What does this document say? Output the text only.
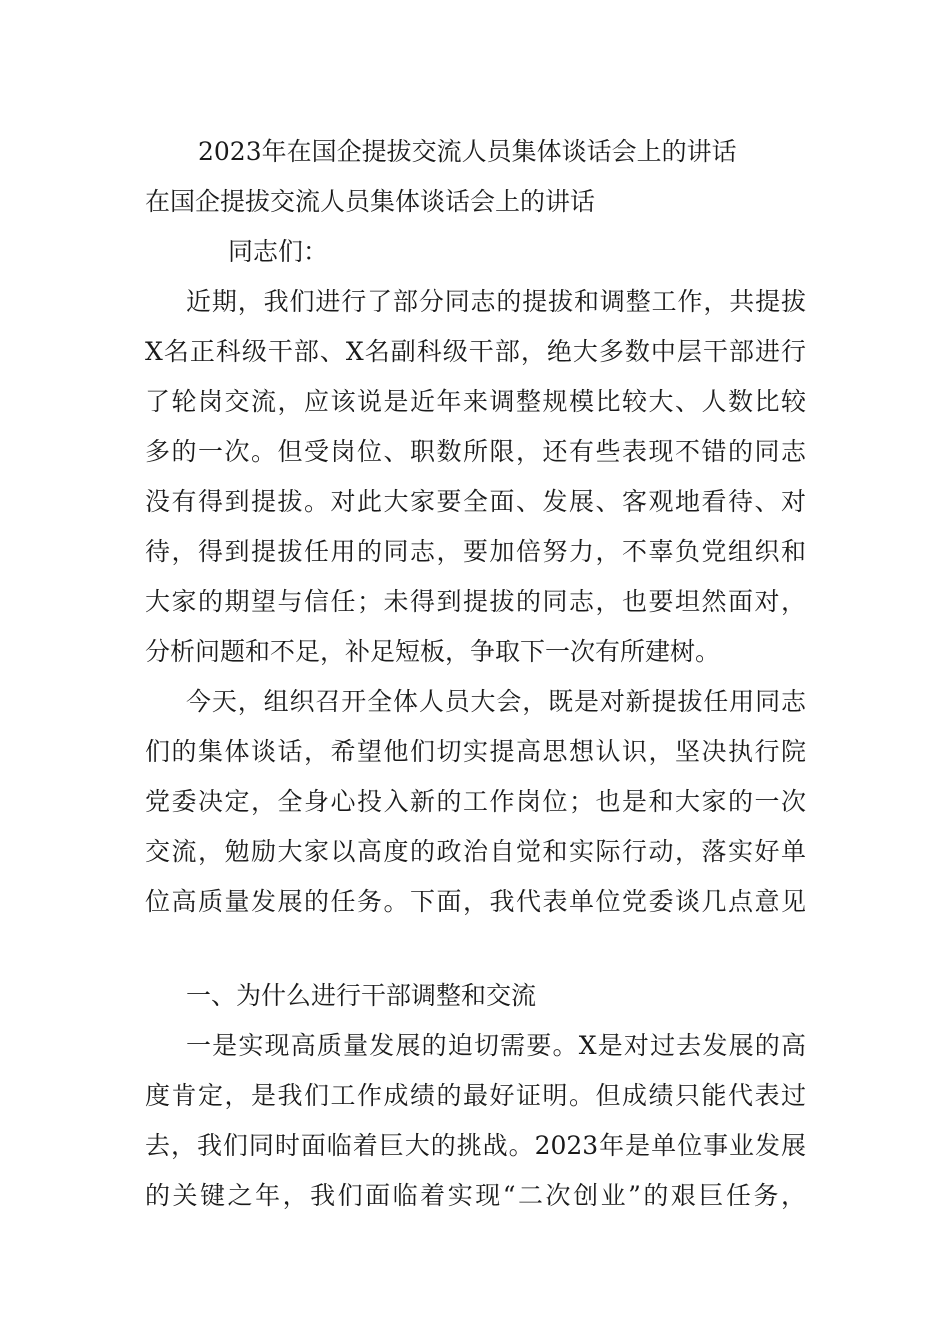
2023年在国企提拔交流人员集体谈话会上的讲话

在国企提拔交流人员集体谈话会上的讲话

同志们：

近期，我们进行了部分同志的提拔和调整工作，共提拔

X名正科级干部、X名副科级干部，绝大多数中层干部进行

了轮岗交流，应该说是近年来调整规模比较大、人数比较

多的一次。但受岗位、职数所限，还有些表现不错的同志

没有得到提拔。对此大家要全面、发展、客观地看待、对

待，得到提拔任用的同志，要加倍努力，不辜负党组织和

大家的期望与信任；未得到提拔的同志，也要坦然面对，

分析问题和不足，补足短板，争取下一次有所建树。

今天，组织召开全体人员大会，既是对新提拔任用同志

们的集体谈话，希望他们切实提高思想认识，坚决执行院

党委决定，全身心投入新的工作岗位；也是和大家的一次

交流，勉励大家以高度的政治自觉和实际行动，落实好单

位高质量发展的任务。下面，我代表单位党委谈几点意见

一、为什么进行干部调整和交流

一是实现高质量发展的迫切需要。X是对过去发展的高

度肯定，是我们工作成绩的最好证明。但成绩只能代表过

去，我们同时面临着巨大的挑战。2023年是单位事业发展

的关键之年，我们面临着实现“二次创业”的艰巨任务，
